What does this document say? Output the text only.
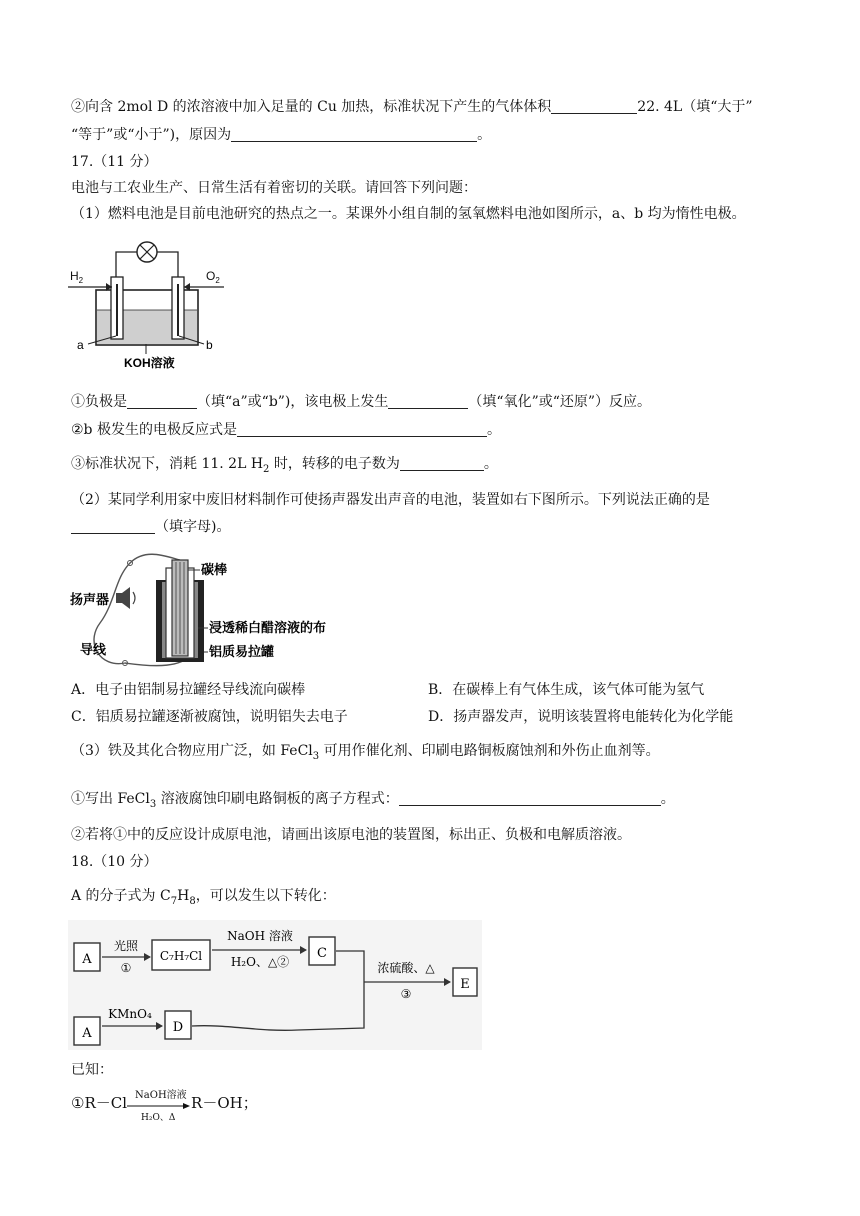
②向含 2mol D 的浓溶液中加入足量的 Cu 加热，标准状况下产生的气体体积	22. 4L（填“大于”
“等于”或“小于”)，原因为	。
17.（11 分）
电池与工农业生产、日常生活有着密切的关联。请回答下列问题：
（1）燃料电池是目前电池研究的热点之一。某课外小组自制的氢氧燃料电池如图所示，a、b 均为惰性电极。
$H_2$	$O_2$
a	b
KOH溶液
①负极是	（填“a”或“b”)，该电极上发生	（填“氧化”或“还原”）反应。
②b 极发生的电极反应式是	。
③标准状况下，消耗 11. 2L $H_2$ 时，转移的电子数为	。
（2）某同学利用家中废旧材料制作可使扬声器发出声音的电池，装置如右下图所示。下列说法正确的是
（填字母)。
碳棒
扬声器
浸透稀白醋溶液的布
导线	铝质易拉罐
A．电子由铝制易拉罐经导线流向碳棒	B．在碳棒上有气体生成，该气体可能为氢气
C．铝质易拉罐逐渐被腐蚀，说明铝失去电子	D．扬声器发声，说明该装置将电能转化为化学能
（3）铁及其化合物应用广泛，如 FeCl$_3$ 可用作催化剂、印刷电路铜板腐蚀剂和外伤止血剂等。
①写出 FeCl$_3$ 溶液腐蚀印刷电路铜板的离子方程式：	。
②若将①中的反应设计成原电池，请画出该原电池的装置图，标出正、负极和电解质溶液。
18.（10 分）
A 的分子式为 $C_7H_8$，可以发生以下转化：
A
光照
①
C₇H₇Cl
NaOH 溶液
H₂O、△②
C
浓硫酸、△
③
E
A
KMnO₄
D
已知：
①R－Cl NaOH溶液
H₂O、Δ
R－OH；
